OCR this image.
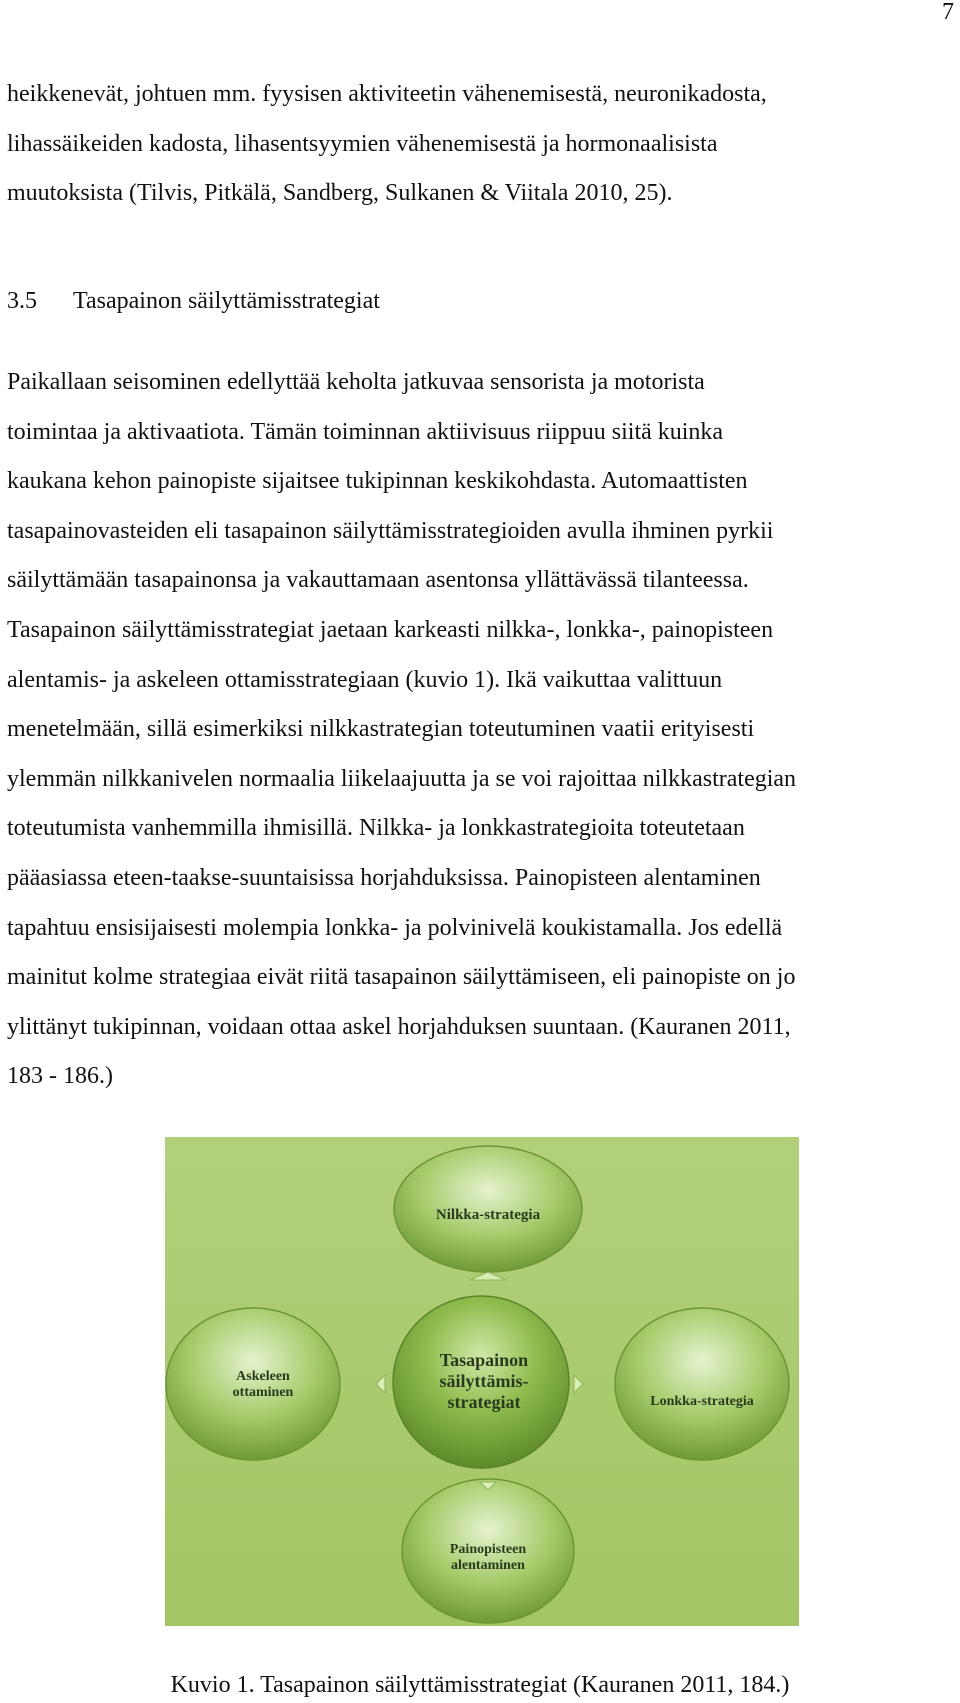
7

heikkenevät, johtuen mm. fyysisen aktiviteetin vähenemisestä, neuronikadosta,
lihassäikeiden kadosta, lihasentsyymien vähenemisestä ja hormonaalisista
muutoksista (Tilvis, Pitkälä, Sandberg, Sulkanen & Viitala 2010, 25).

3.5 Tasapainon säilyttämisstrategiat

Paikallaan seisominen edellyttää keholta jatkuvaa sensorista ja motorista
toimintaa ja aktivaatiota. Tämän toiminnan aktiivisuus riippuu siitä kuinka
kaukana kehon painopiste sijaitsee tukipinnan keskikohdasta. Automaattisten
tasapainovasteiden eli tasapainon säilyttämisstrategioiden avulla ihminen pyrkii
säilyttämään tasapainonsa ja vakauttamaan asentonsa yllättävässä tilanteessa.
Tasapainon säilyttämisstrategiat jaetaan karkeasti nilkka-, lonkka-, painopisteen
alentamis- ja askeleen ottamisstrategiaan (kuvio 1). Ikä vaikuttaa valittuun
menetelmään, sillä esimerkiksi nilkkastrategian toteutuminen vaatii erityisesti
ylemmän nilkkanivelen normaalia liikelaajuutta ja se voi rajoittaa nilkkastrategian
toteutumista vanhemmilla ihmisillä. Nilkka- ja lonkkastrategioita toteutetaan
pääasiassa eteen-taakse-suuntaisissa horjahduksissa. Painopisteen alentaminen
tapahtuu ensisijaisesti molempia lonkka- ja polvinivelä koukistamalla. Jos edellä
mainitut kolme strategiaa eivät riitä tasapainon säilyttämiseen, eli painopiste on jo
ylittänyt tukipinnan, voidaan ottaa askel horjahduksen suuntaan. (Kauranen 2011,
183 - 186.)

Nilkka-strategia
Askeleen
ottaminen
Lonkka-strategia
Painopisteen
alentaminen
Tasapainon
säilyttämis-
strategiat
Kuvio 1. Tasapainon säilyttämisstrategiat (Kauranen 2011, 184.)
